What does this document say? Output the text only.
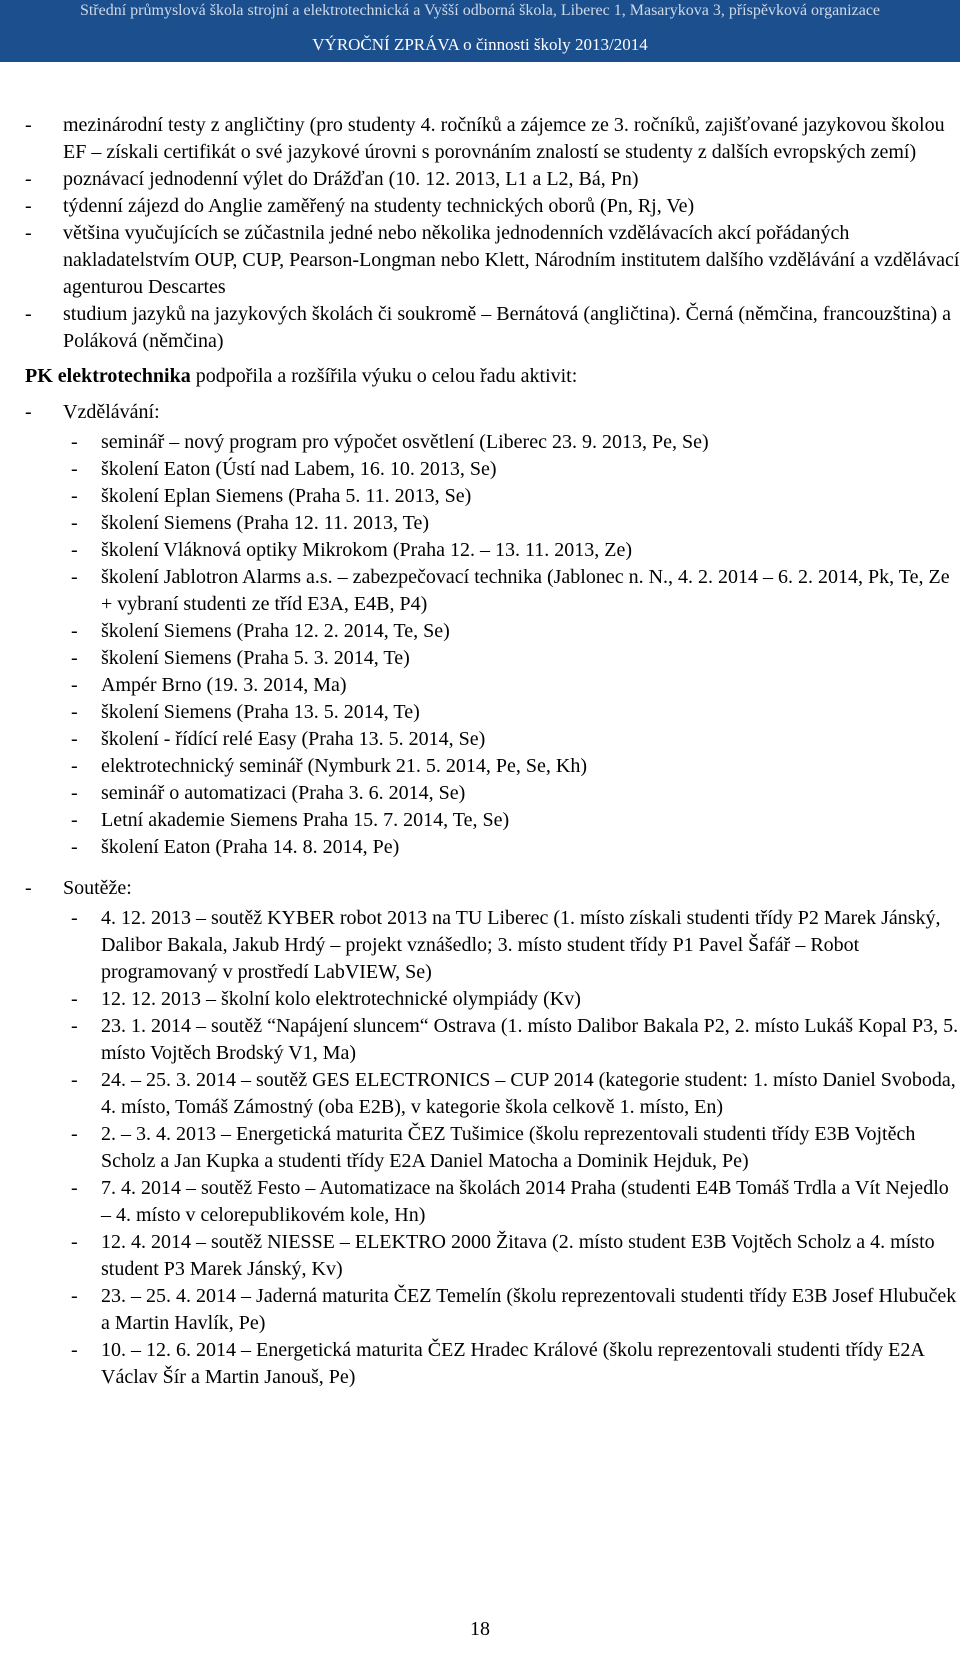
Střední průmyslová škola strojní a elektrotechnická a Vyšší odborná škola, Liberec 1, Masarykova 3, příspěvková organizace
VÝROČNÍ ZPRÁVA o činnosti školy 2013/2014
- mezinárodní testy z angličtiny (pro studenty 4. ročníků a zájemce ze 3. ročníků, zajišťované jazykovou školou EF – získali certifikát o své jazykové úrovni s porovnáním znalostí se studenty z dalších evropských zemí)
- poznávací jednodenní výlet do Drážďan (10. 12. 2013, L1 a L2, Bá, Pn)
- týdenní zájezd do Anglie zaměřený na studenty technických oborů (Pn, Rj, Ve)
- většina vyučujících se zúčastnila jedné nebo několika jednodenních vzdělávacích akcí pořádaných nakladatelstvím OUP, CUP, Pearson-Longman nebo Klett, Národním institutem dalšího vzdělávání a vzdělávací agenturou Descartes
- studium jazyků na jazykových školách či soukromě – Bernátová (angličtina). Černá (němčina, francouzština) a Poláková (němčina)
PK elektrotechnika podpořila a rozšířila výuku o celou řadu aktivit:
- Vzdělávání:
- seminář – nový program pro výpočet osvětlení (Liberec 23. 9. 2013, Pe, Se)
- školení Eaton (Ústí nad Labem, 16. 10. 2013, Se)
- školení Eplan Siemens (Praha 5. 11. 2013, Se)
- školení Siemens (Praha 12. 11. 2013, Te)
- školení Vláknová optiky Mikrokom (Praha 12. – 13. 11. 2013, Ze)
- školení Jablotron Alarms a.s. – zabezpečovací technika (Jablonec n. N., 4. 2. 2014 – 6. 2. 2014, Pk, Te, Ze + vybraní studenti ze tříd E3A, E4B, P4)
- školení Siemens (Praha 12. 2. 2014, Te, Se)
- školení Siemens (Praha 5. 3. 2014, Te)
- Ampér Brno (19. 3. 2014, Ma)
- školení Siemens (Praha 13. 5. 2014, Te)
- školení - řídící relé Easy (Praha 13. 5. 2014, Se)
- elektrotechnický seminář (Nymburk 21. 5. 2014, Pe, Se, Kh)
- seminář o automatizaci (Praha 3. 6. 2014, Se)
- Letní akademie Siemens Praha 15. 7. 2014, Te, Se)
- školení Eaton (Praha 14. 8. 2014, Pe)
- Soutěže:
- 4. 12. 2013 – soutěž KYBER robot 2013 na TU Liberec (1. místo získali studenti třídy P2 Marek Jánský, Dalibor Bakala, Jakub Hrdý – projekt vznášedlo; 3. místo student třídy P1 Pavel Šafář – Robot programovaný v prostředí LabVIEW, Se)
- 12. 12. 2013 – školní kolo elektrotechnické olympiády (Kv)
- 23. 1. 2014 – soutěž “Napájení sluncem“ Ostrava (1. místo Dalibor Bakala P2, 2. místo Lukáš Kopal P3, 5. místo Vojtěch Brodský V1, Ma)
- 24. – 25. 3. 2014 – soutěž GES ELECTRONICS – CUP 2014 (kategorie student: 1. místo Daniel Svoboda, 4. místo, Tomáš Zámostný (oba E2B), v kategorie škola celkově 1. místo, En)
- 2. – 3. 4. 2013 – Energetická maturita ČEZ Tušimice (školu reprezentovali studenti třídy E3B Vojtěch Scholz a Jan Kupka a studenti třídy E2A Daniel Matocha a Dominik Hejduk, Pe)
- 7. 4. 2014 – soutěž Festo – Automatizace na školách 2014 Praha (studenti E4B Tomáš Trdla a Vít Nejedlo – 4. místo v celorepublikovém kole, Hn)
- 12. 4. 2014 – soutěž NIESSE – ELEKTRO 2000 Žitava (2. místo student E3B Vojtěch Scholz a 4. místo student P3 Marek Jánský, Kv)
- 23. – 25. 4. 2014 – Jaderná maturita ČEZ Temelín (školu reprezentovali studenti třídy E3B Josef Hlubuček a Martin Havlík, Pe)
- 10. – 12. 6. 2014 – Energetická maturita ČEZ Hradec Králové (školu reprezentovali studenti třídy E2A Václav Šír a Martin Janouš, Pe)
18
